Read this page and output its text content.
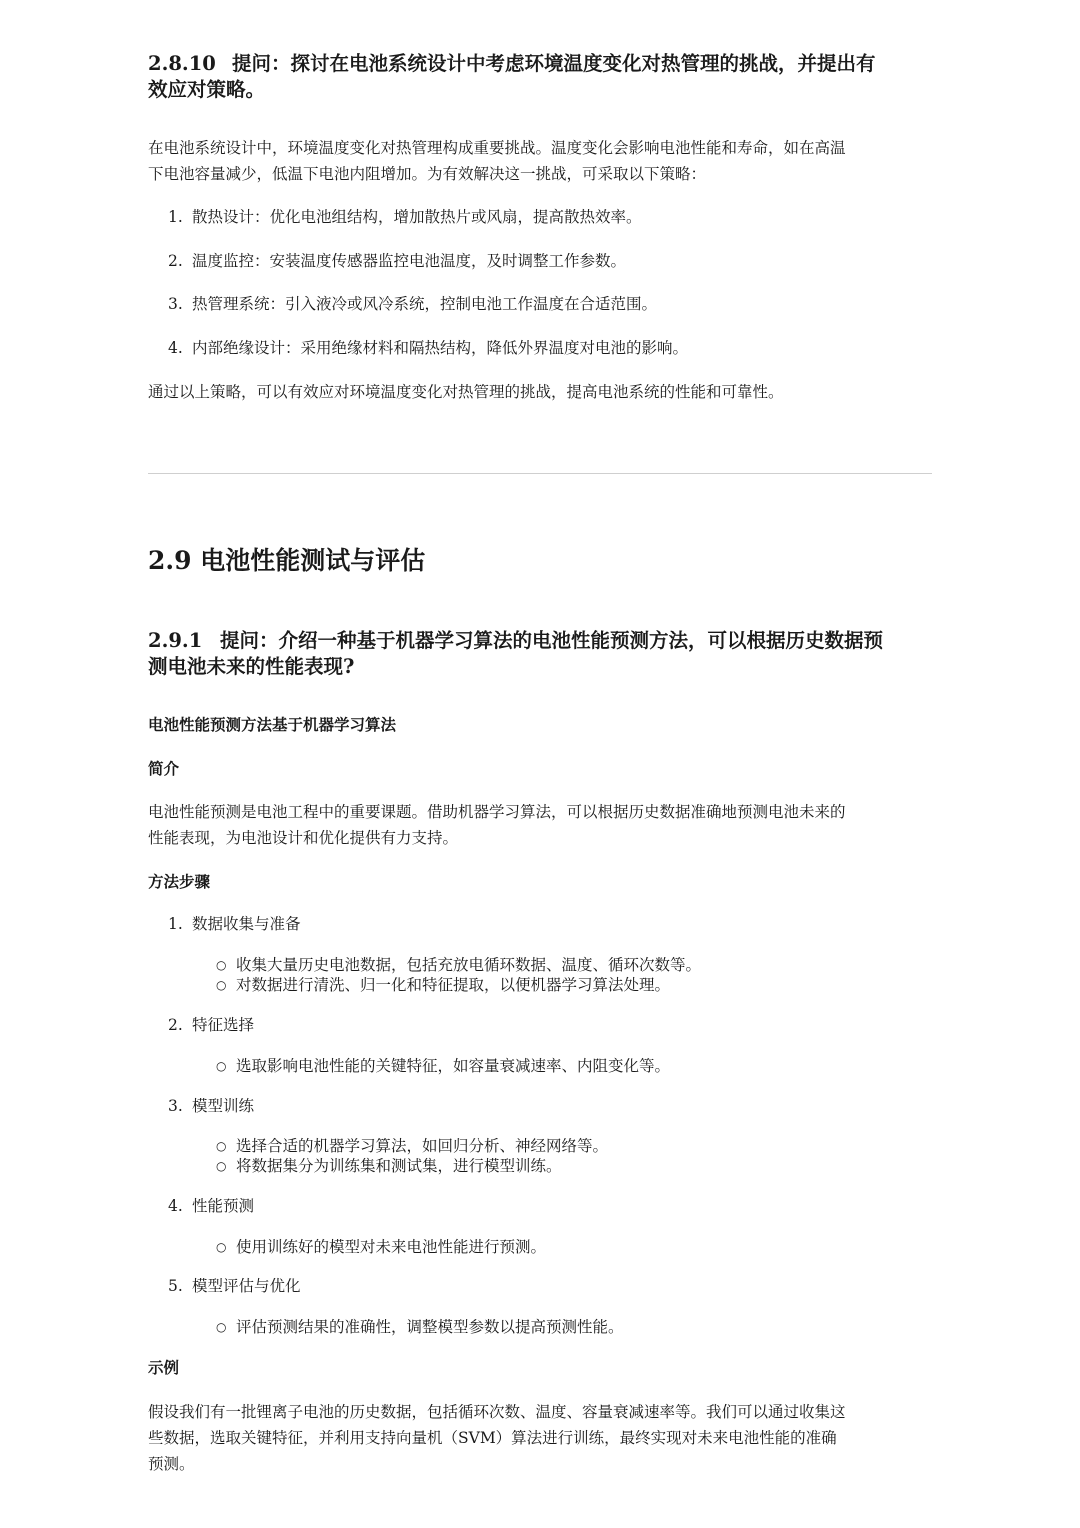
2.8.10 提问：探讨在电池系统设计中考虑环境温度变化对热管理的挑战，并提出有
效应对策略。
在电池系统设计中，环境温度变化对热管理构成重要挑战。温度变化会影响电池性能和寿命，如在高温
下电池容量减少，低温下电池内阻增加。为有效解决这一挑战，可采取以下策略：
1. 散热设计：优化电池组结构，增加散热片或风扇，提高散热效率。
2. 温度监控：安装温度传感器监控电池温度，及时调整工作参数。
3. 热管理系统：引入液冷或风冷系统，控制电池工作温度在合适范围。
4. 内部绝缘设计：采用绝缘材料和隔热结构，降低外界温度对电池的影响。
通过以上策略，可以有效应对环境温度变化对热管理的挑战，提高电池系统的性能和可靠性。
2.9 电池性能测试与评估
2.9.1 提问：介绍一种基于机器学习算法的电池性能预测方法，可以根据历史数据预
测电池未来的性能表现?
电池性能预测方法基于机器学习算法
简介
电池性能预测是电池工程中的重要课题。借助机器学习算法，可以根据历史数据准确地预测电池未来的
性能表现，为电池设计和优化提供有力支持。
方法步骤
1. 数据收集与准备
○ 收集大量历史电池数据，包括充放电循环数据、温度、循环次数等。
○ 对数据进行清洗、归一化和特征提取，以便机器学习算法处理。
2. 特征选择
○ 选取影响电池性能的关键特征，如容量衰减速率、内阻变化等。
3. 模型训练
○ 选择合适的机器学习算法，如回归分析、神经网络等。
○ 将数据集分为训练集和测试集，进行模型训练。
4. 性能预测
○ 使用训练好的模型对未来电池性能进行预测。
5. 模型评估与优化
○ 评估预测结果的准确性，调整模型参数以提高预测性能。
示例
假设我们有一批锂离子电池的历史数据，包括循环次数、温度、容量衰减速率等。我们可以通过收集这
些数据，选取关键特征，并利用支持向量机（SVM）算法进行训练，最终实现对未来电池性能的准确
预测。
